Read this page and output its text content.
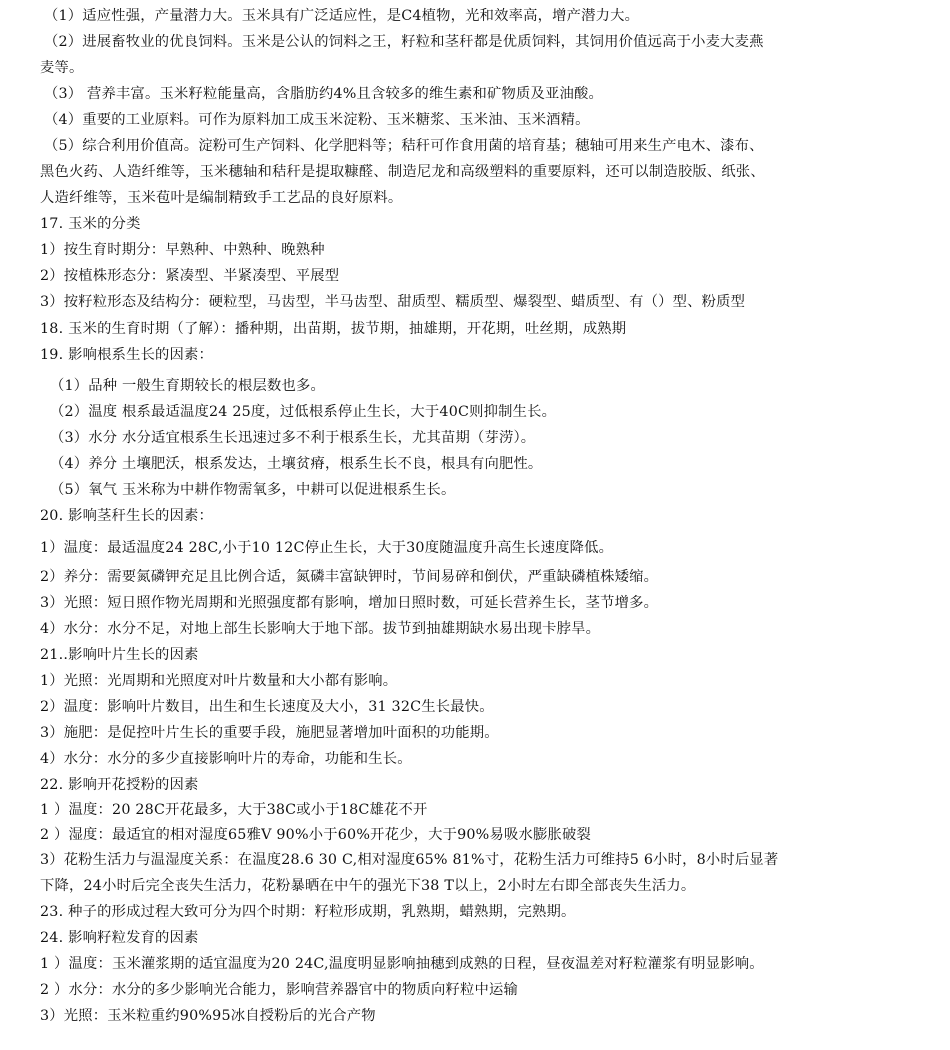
（1）适应性强，产量潜力大。玉米具有广泛适应性，是C4植物，光和效率高，增产潜力大。
（2）进展畜牧业的优良饲料。玉米是公认的饲料之王，籽粒和茎秆都是优质饲料，其饲用价值远高于小麦大麦燕
麦等。
（3） 营养丰富。玉米籽粒能量高，含脂肪约4%且含较多的维生素和矿物质及亚油酸。
（4）重要的工业原料。可作为原料加工成玉米淀粉、玉米糖浆、玉米油、玉米酒精。
（5）综合利用价值高。淀粉可生产饲料、化学肥料等；秸秆可作食用菌的培育基；穗轴可用来生产电木、漆布、
黑色火药、人造纤维等，玉米穗轴和秸秆是提取糠醛、制造尼龙和高级塑料的重要原料，还可以制造胶版、纸张、
人造纤维等，玉米苞叶是编制精致手工艺品的良好原料。
17. 玉米的分类
1）按生育时期分：早熟种、中熟种、晚熟种
2）按植株形态分：紧凑型、半紧凑型、平展型
3）按籽粒形态及结构分：硬粒型，马齿型，半马齿型、甜质型、糯质型、爆裂型、蜡质型、有（）型、粉质型
18. 玉米的生育时期（了解）：播种期，出苗期，拔节期，抽雄期，开花期，吐丝期，成熟期
19. 影响根系生长的因素：
（1）品种 一般生育期较长的根层数也多。
（2）温度 根系最适温度24 25度，过低根系停止生长，大于40C则抑制生长。
（3）水分 水分适宜根系生长迅速过多不利于根系生长，尤其苗期（芽涝）。
（4）养分 土壤肥沃，根系发达，土壤贫瘠，根系生长不良，根具有向肥性。
（5）氧气 玉米称为中耕作物需氧多，中耕可以促进根系生长。
20. 影响茎秆生长的因素：
1）温度：最适温度24 28C,小于10 12C停止生长，大于30度随温度升高生长速度降低。
2）养分：需要氮磷钾充足且比例合适，氮磷丰富缺钾时，节间易碎和倒伏，严重缺磷植株矮缩。
3）光照：短日照作物光周期和光照强度都有影响，增加日照时数，可延长营养生长，茎节增多。
4）水分：水分不足，对地上部生长影响大于地下部。拔节到抽雄期缺水易出现卡脖旱。
21..影响叶片生长的因素
1）光照：光周期和光照度对叶片数量和大小都有影响。
2）温度：影响叶片数目，出生和生长速度及大小，31 32C生长最快。
3）施肥：是促控叶片生长的重要手段，施肥显著增加叶面积的功能期。
4）水分：水分的多少直接影响叶片的寿命，功能和生长。
22. 影响开花授粉的因素
1 ）温度：20 28C开花最多，大于38C或小于18C雄花不开
2 ）湿度：最适宜的相对湿度65雅V 90%小于60%开花少，大于90%易吸水膨胀破裂
3）花粉生活力与温湿度关系：在温度28.6 30 C,相对湿度65% 81%寸，花粉生活力可维持5 6小时，8小时后显著
下降，24小时后完全丧失生活力，花粉暴晒在中午的强光下38 T以上，2小时左右即全部丧失生活力。
23. 种子的形成过程大致可分为四个时期：籽粒形成期，乳熟期，蜡熟期，完熟期。
24. 影响籽粒发育的因素
1 ）温度：玉米灌浆期的适宜温度为20 24C,温度明显影响抽穗到成熟的日程，昼夜温差对籽粒灌浆有明显影响。
2 ）水分：水分的多少影响光合能力，影响营养器官中的物质向籽粒中运输
3）光照：玉米粒重约90%95冰自授粉后的光合产物
